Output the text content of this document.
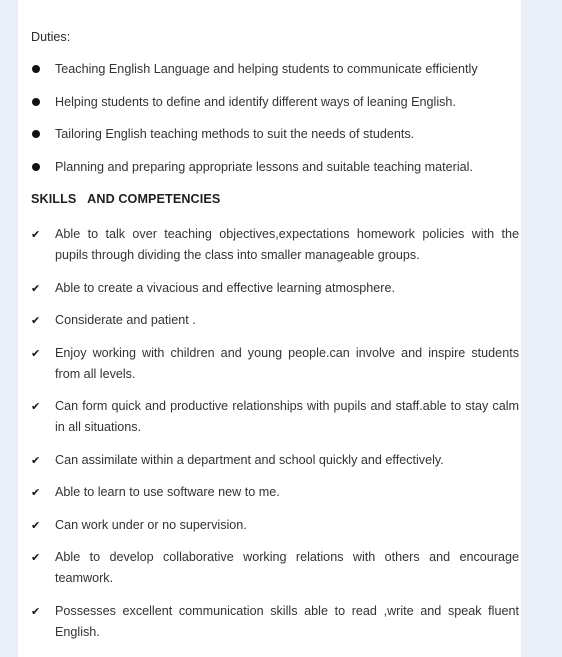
Duties:
Teaching English Language and helping students to communicate efficiently
Helping students to define and identify different ways of leaning English.
Tailoring English teaching methods to suit the needs of students.
Planning and preparing appropriate lessons and suitable teaching material.
SKILLS   AND COMPETENCIES
✔ Able to talk over teaching objectives,expectations homework policies with the pupils through dividing the class into smaller manageable groups.
✔ Able to create a vivacious and effective learning atmosphere.
✔ Considerate and patient .
✔ Enjoy working with children and young people.can involve and inspire students from all levels.
✔ Can form quick and productive relationships with pupils and staff.able to stay calm in all situations.
✔ Can assimilate within a department and school quickly and effectively.
✔ Able to learn to use software new to me.
✔ Can work under or no supervision.
✔ Able to develop collaborative working relations with others and encourage teamwork.
✔ Possesses excellent communication skills able to read ,write and speak fluent English.
